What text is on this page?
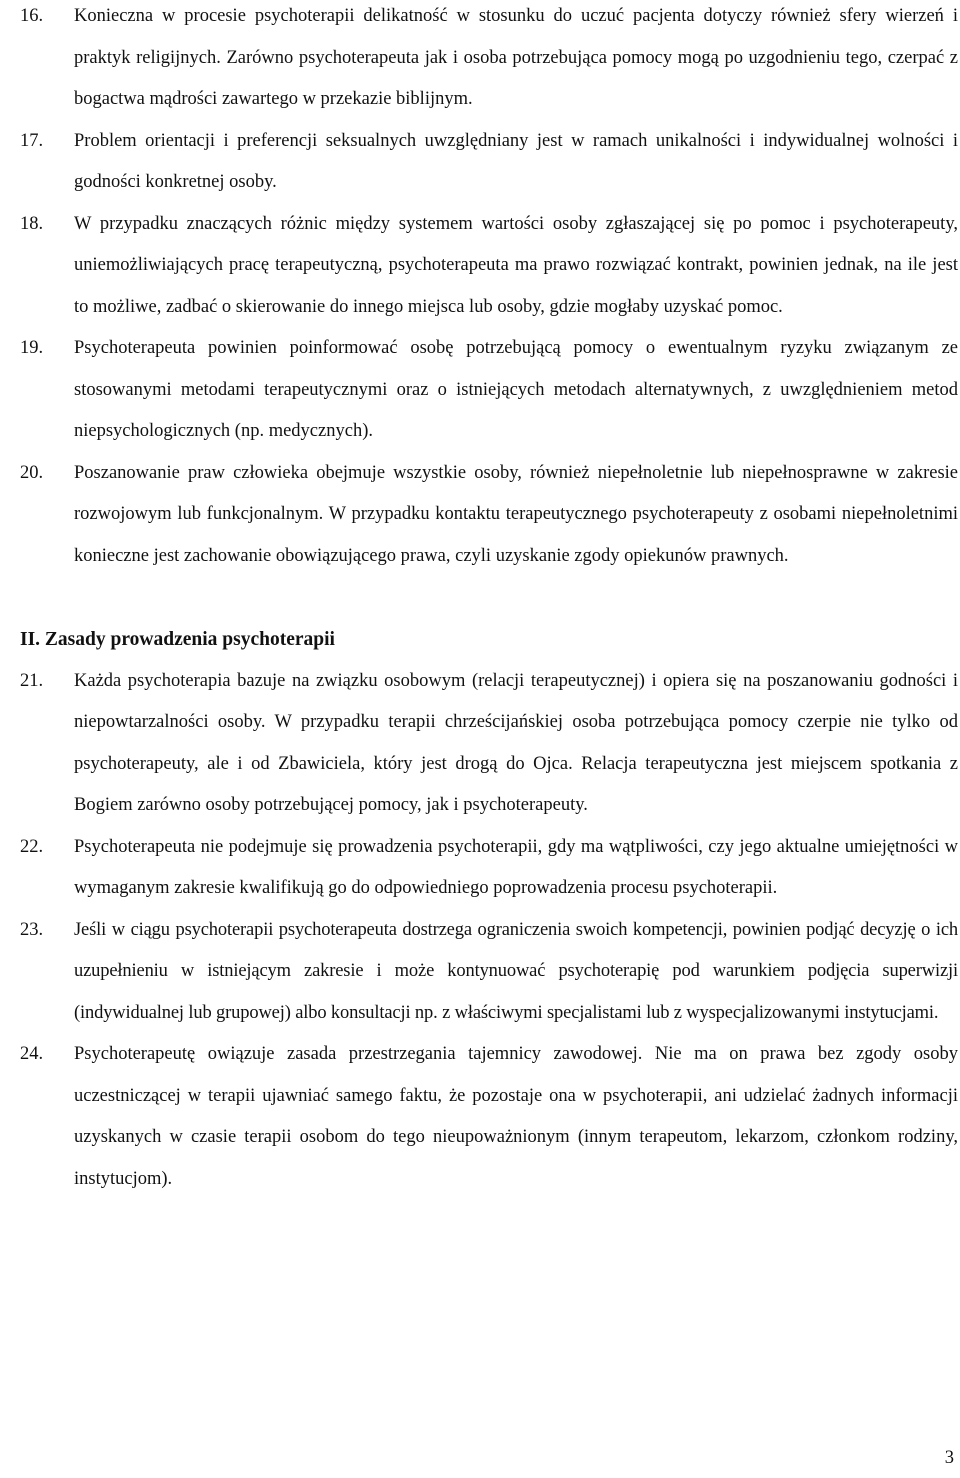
16.	Konieczna w procesie psychoterapii delikatność w stosunku do uczuć pacjenta dotyczy również sfery wierzeń i praktyk religijnych. Zarówno psychoterapeuta jak i osoba potrzebująca pomocy mogą po uzgodnieniu tego, czerpać z bogactwa mądrości zawartego w przekazie biblijnym.
17.	Problem orientacji i preferencji seksualnych uwzględniany jest w ramach unikalności i indywidualnej wolności i godności konkretnej osoby.
18.	W przypadku znaczących różnic między systemem wartości osoby zgłaszającej się po pomoc i psychoterapeuty, uniemożliwiających pracę terapeutyczną, psychoterapeuta ma prawo rozwiązać kontrakt, powinien jednak, na ile jest to możliwe, zadbać o skierowanie do innego miejsca lub osoby, gdzie mogłaby uzyskać pomoc.
19.	Psychoterapeuta powinien poinformować osobę potrzebującą pomocy o ewentualnym ryzyku związanym ze stosowanymi metodami terapeutycznymi oraz o istniejących metodach alternatywnych, z uwzględnieniem metod niepsychologicznych (np. medycznych).
20.	Poszanowanie praw człowieka obejmuje wszystkie osoby, również niepełnoletnie lub niepełnosprawne w zakresie rozwojowym lub funkcjonalnym. W przypadku kontaktu terapeutycznego psychoterapeuty z osobami niepełnoletnimi konieczne jest zachowanie obowiązującego prawa, czyli uzyskanie zgody opiekunów prawnych.
II. Zasady prowadzenia psychoterapii
21.	Każda psychoterapia bazuje na związku osobowym (relacji terapeutycznej) i opiera się na poszanowaniu godności i niepowtarzalności osoby. W przypadku terapii chrześcijańskiej osoba potrzebująca pomocy czerpie nie tylko od psychoterapeuty, ale i od Zbawiciela, który jest drogą do Ojca. Relacja terapeutyczna jest miejscem spotkania z Bogiem zarówno osoby potrzebującej pomocy, jak i psychoterapeuty.
22.	Psychoterapeuta nie podejmuje się prowadzenia psychoterapii, gdy ma wątpliwości, czy jego aktualne umiejętności w wymaganym zakresie kwalifikują go do odpowiedniego poprowadzenia procesu psychoterapii.
23.	Jeśli w ciągu psychoterapii psychoterapeuta dostrzega ograniczenia swoich kompetencji, powinien podjąć decyzję o ich uzupełnieniu w istniejącym zakresie i może kontynuować psychoterapię pod warunkiem podjęcia superwizji (indywidualnej lub grupowej) albo konsultacji np. z właściwymi specjalistami lub z wyspecjalizowanymi instytucjami.
24.	Psychoterapeutę owiązuje zasada przestrzegania tajemnicy zawodowej. Nie ma on prawa bez zgody osoby uczestniczącej w terapii ujawniać samego faktu, że pozostaje ona w psychoterapii, ani udzielać żadnych informacji uzyskanych w czasie terapii osobom do tego nieupoważnionym (innym terapeutom, lekarzom, członkom rodziny, instytucjom).
3
